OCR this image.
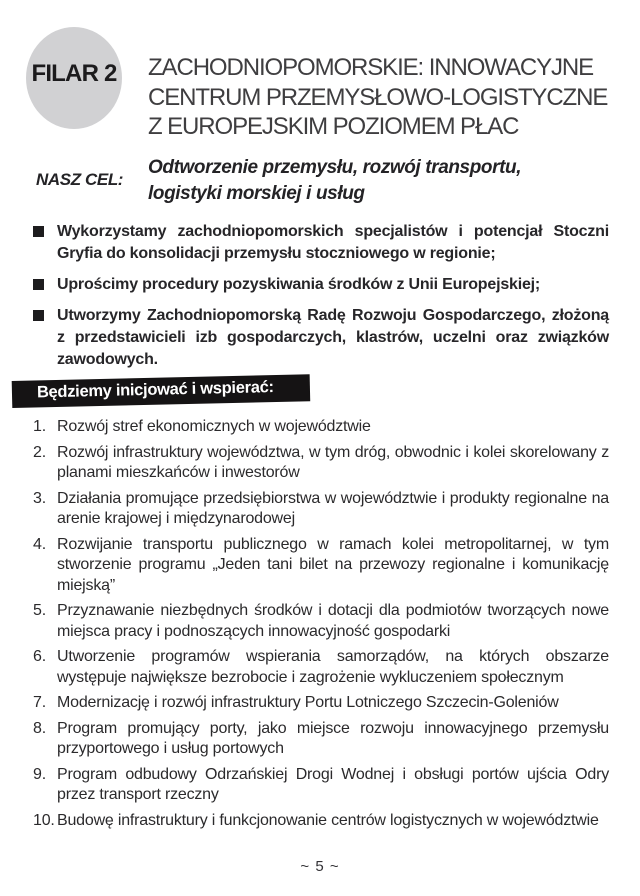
FILAR 2 ZACHODNIOPOMORSKIE: INNOWACYJNE
CENTRUM PRZEMYSŁOWO-LOGISTYCZNE
Z EUROPEJSKIM POZIOMEM PŁAC
NASZ CEL:
Odtworzenie przemysłu, rozwój transportu,
logistyki morskiej i usług
Wykorzystamy zachodniopomorskich specjalistów i potencjał Stoczni Gryfia do konsolidacji przemysłu stoczniowego w regionie;
Uprościmy procedury pozyskiwania środków z Unii Europejskiej;
Utworzymy Zachodniopomorską Radę Rozwoju Gospodarczego, złożoną z przedstawicieli izb gospodarczych, klastrów, uczelni oraz związków zawodowych.
Będziemy inicjować i wspierać:
1. Rozwój stref ekonomicznych w województwie
2. Rozwój infrastruktury województwa, w tym dróg, obwodnic i kolei skorelowany z planami mieszkańców i inwestorów
3. Działania promujące przedsiębiorstwa w województwie i produkty regionalne na arenie krajowej i międzynarodowej
4. Rozwijanie transportu publicznego w ramach kolei metropolitarnej, w tym stworzenie programu „Jeden tani bilet na przewozy regionalne i komunikację miejską”
5. Przyznawanie niezbędnych środków i dotacji dla podmiotów tworzących nowe miejsca pracy i podnoszących innowacyjność gospodarki
6. Utworzenie programów wspierania samorządów, na których obszarze występuje największe bezrobocie i zagrożenie wykluczeniem społecznym
7. Modernizację i rozwój infrastruktury Portu Lotniczego Szczecin-Goleniów
8. Program promujący porty, jako miejsce rozwoju innowacyjnego przemysłu przyportowego i usług portowych
9. Program odbudowy Odrzańskiej Drogi Wodnej i obsługi portów ujścia Odry przez transport rzeczny
10. Budowę infrastruktury i funkcjonowanie centrów logistycznych w województwie
~ 5 ~
